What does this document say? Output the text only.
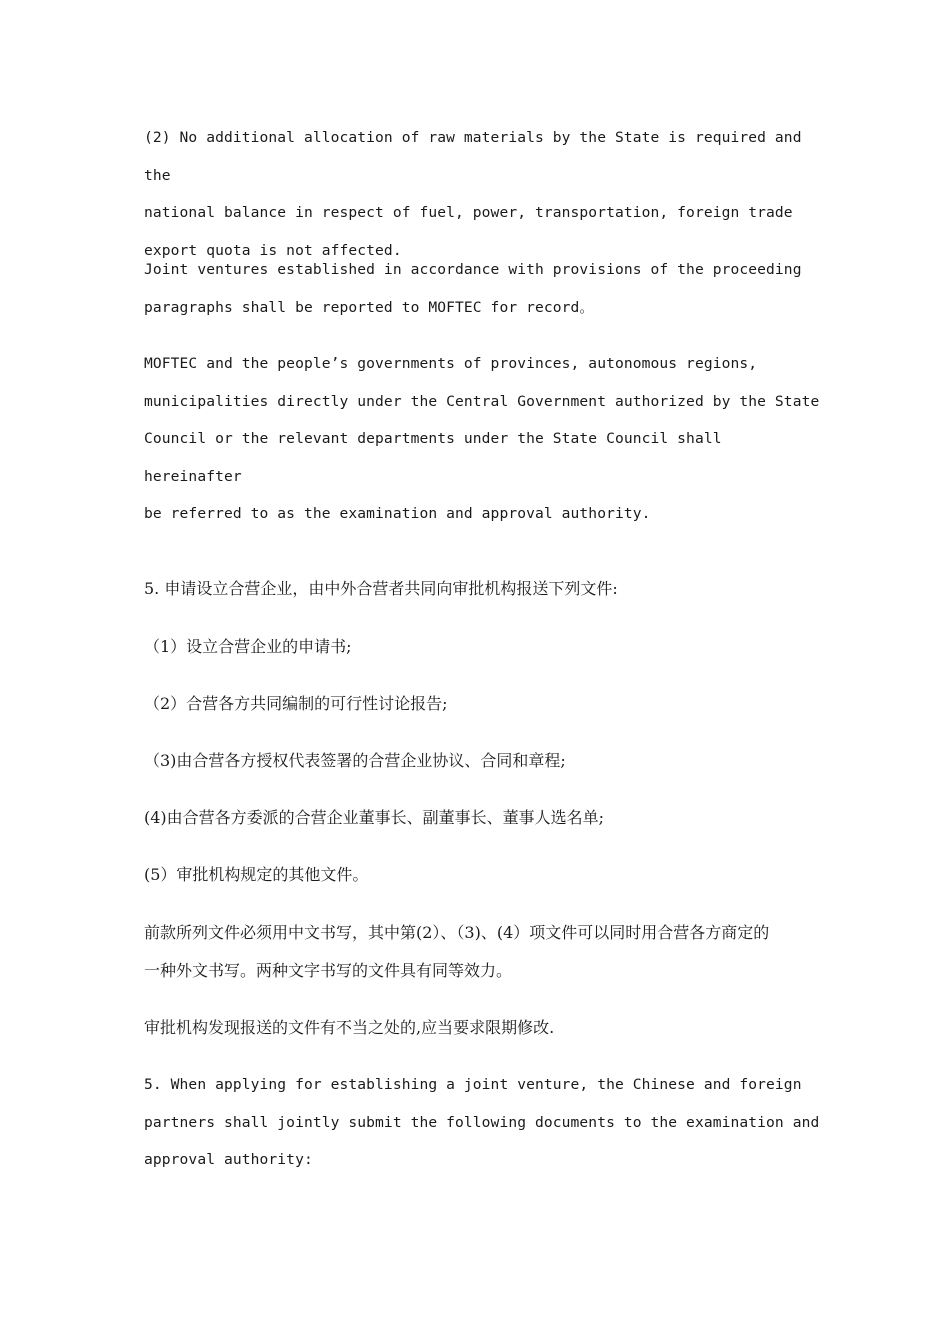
(2) No additional allocation of raw materials by the State is required and the
national balance in respect of fuel, power, transportation, foreign trade
export quota is not affected.

Joint ventures established in accordance with provisions of the proceeding
paragraphs shall be reported to MOFTEC for record。

MOFTEC and the people’s governments of provinces, autonomous regions,
municipalities directly under the Central Government authorized by the State
Council or the relevant departments under the State Council shall hereinafter
be referred to as the examination and approval authority.

5. 申请设立合营企业，由中外合营者共同向审批机构报送下列文件:

（1）设立合营企业的申请书;

（2）合营各方共同编制的可行性讨论报告;

（3)由合营各方授权代表签署的合营企业协议、合同和章程;

(4)由合营各方委派的合营企业董事长、副董事长、董事人选名单;

(5）审批机构规定的其他文件。

前款所列文件必须用中文书写，其中第(2）、（3)、(4）项文件可以同时用合营各方商定的
一种外文书写。两种文字书写的文件具有同等效力。

审批机构发现报送的文件有不当之处的,应当要求限期修改.

5. When applying for establishing a joint venture, the Chinese and foreign
partners shall jointly submit the following documents to the examination and
approval authority:
